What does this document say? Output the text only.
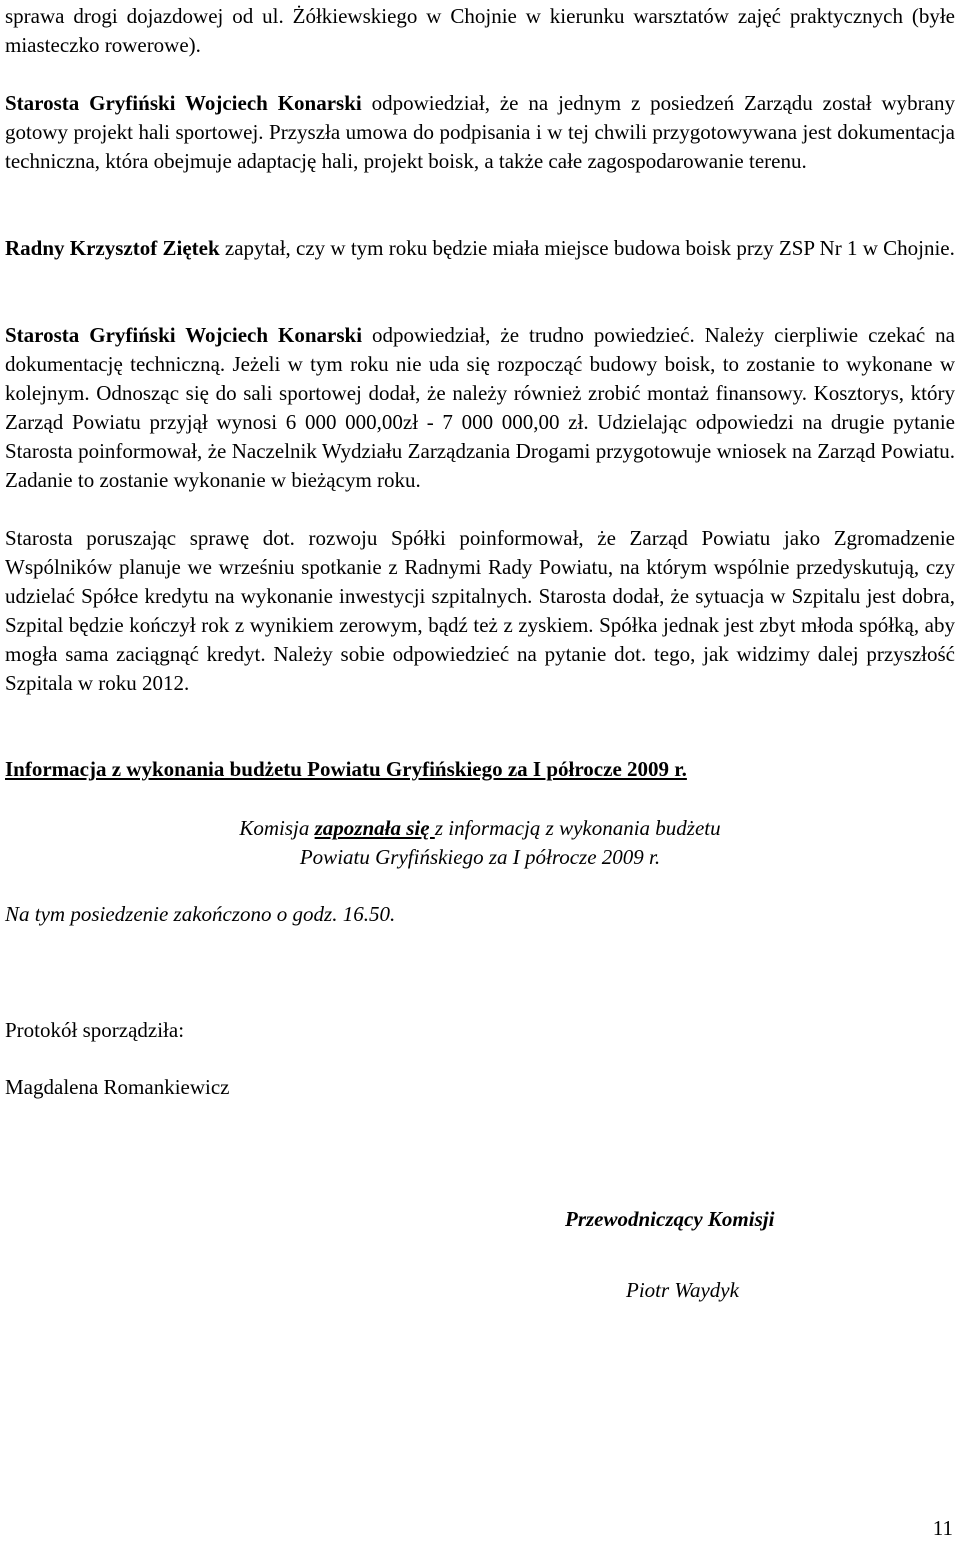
sprawa drogi dojazdowej od ul. Żółkiewskiego w Chojnie w kierunku warsztatów zajęć praktycznych (byłe miasteczko rowerowe).

Starosta Gryfiński Wojciech Konarski odpowiedział, że na jednym z posiedzeń Zarządu został wybrany gotowy projekt hali sportowej. Przyszła umowa do podpisania i w tej chwili przygotowywana jest dokumentacja techniczna, która obejmuje adaptację hali, projekt boisk, a także całe zagospodarowanie terenu.

Radny Krzysztof Ziętek zapytał, czy w tym roku będzie miała miejsce budowa boisk przy ZSP Nr 1 w Chojnie.

Starosta Gryfiński Wojciech Konarski odpowiedział, że trudno powiedzieć. Należy cierpliwie czekać na dokumentację techniczną. Jeżeli w tym roku nie uda się rozpocząć budowy boisk, to zostanie to wykonane w kolejnym. Odnosząc się do sali sportowej dodał, że należy również zrobić montaż finansowy. Kosztorys, który Zarząd Powiatu przyjął wynosi 6 000 000,00zł - 7 000 000,00 zł. Udzielając odpowiedzi na drugie pytanie Starosta poinformował, że Naczelnik Wydziału Zarządzania Drogami przygotowuje wniosek na Zarząd Powiatu. Zadanie to zostanie wykonanie w bieżącym roku.

Starosta poruszając sprawę dot. rozwoju Spółki poinformował, że Zarząd Powiatu jako Zgromadzenie Wspólników planuje we wrześniu spotkanie z Radnymi Rady Powiatu, na którym wspólnie przedyskutują, czy udzielać Spółce kredytu na wykonanie inwestycji szpitalnych. Starosta dodał, że sytuacja w Szpitalu jest dobra, Szpital będzie kończył rok z wynikiem zerowym, bądź też z zyskiem. Spółka jednak jest zbyt młoda spółką, aby mogła sama zaciągnąć kredyt. Należy sobie odpowiedzieć na pytanie dot. tego, jak widzimy dalej przyszłość Szpitala w roku 2012.

Informacja z wykonania budżetu Powiatu Gryfińskiego za I półrocze 2009 r.

Komisja zapoznała się z informacją z wykonania budżetu

Powiatu Gryfińskiego za I półrocze 2009 r.

Na tym posiedzenie zakończono o godz. 16.50.

Protokół sporządziła:

Magdalena Romankiewicz

Przewodniczący Komisji

Piotr Waydyk

11
